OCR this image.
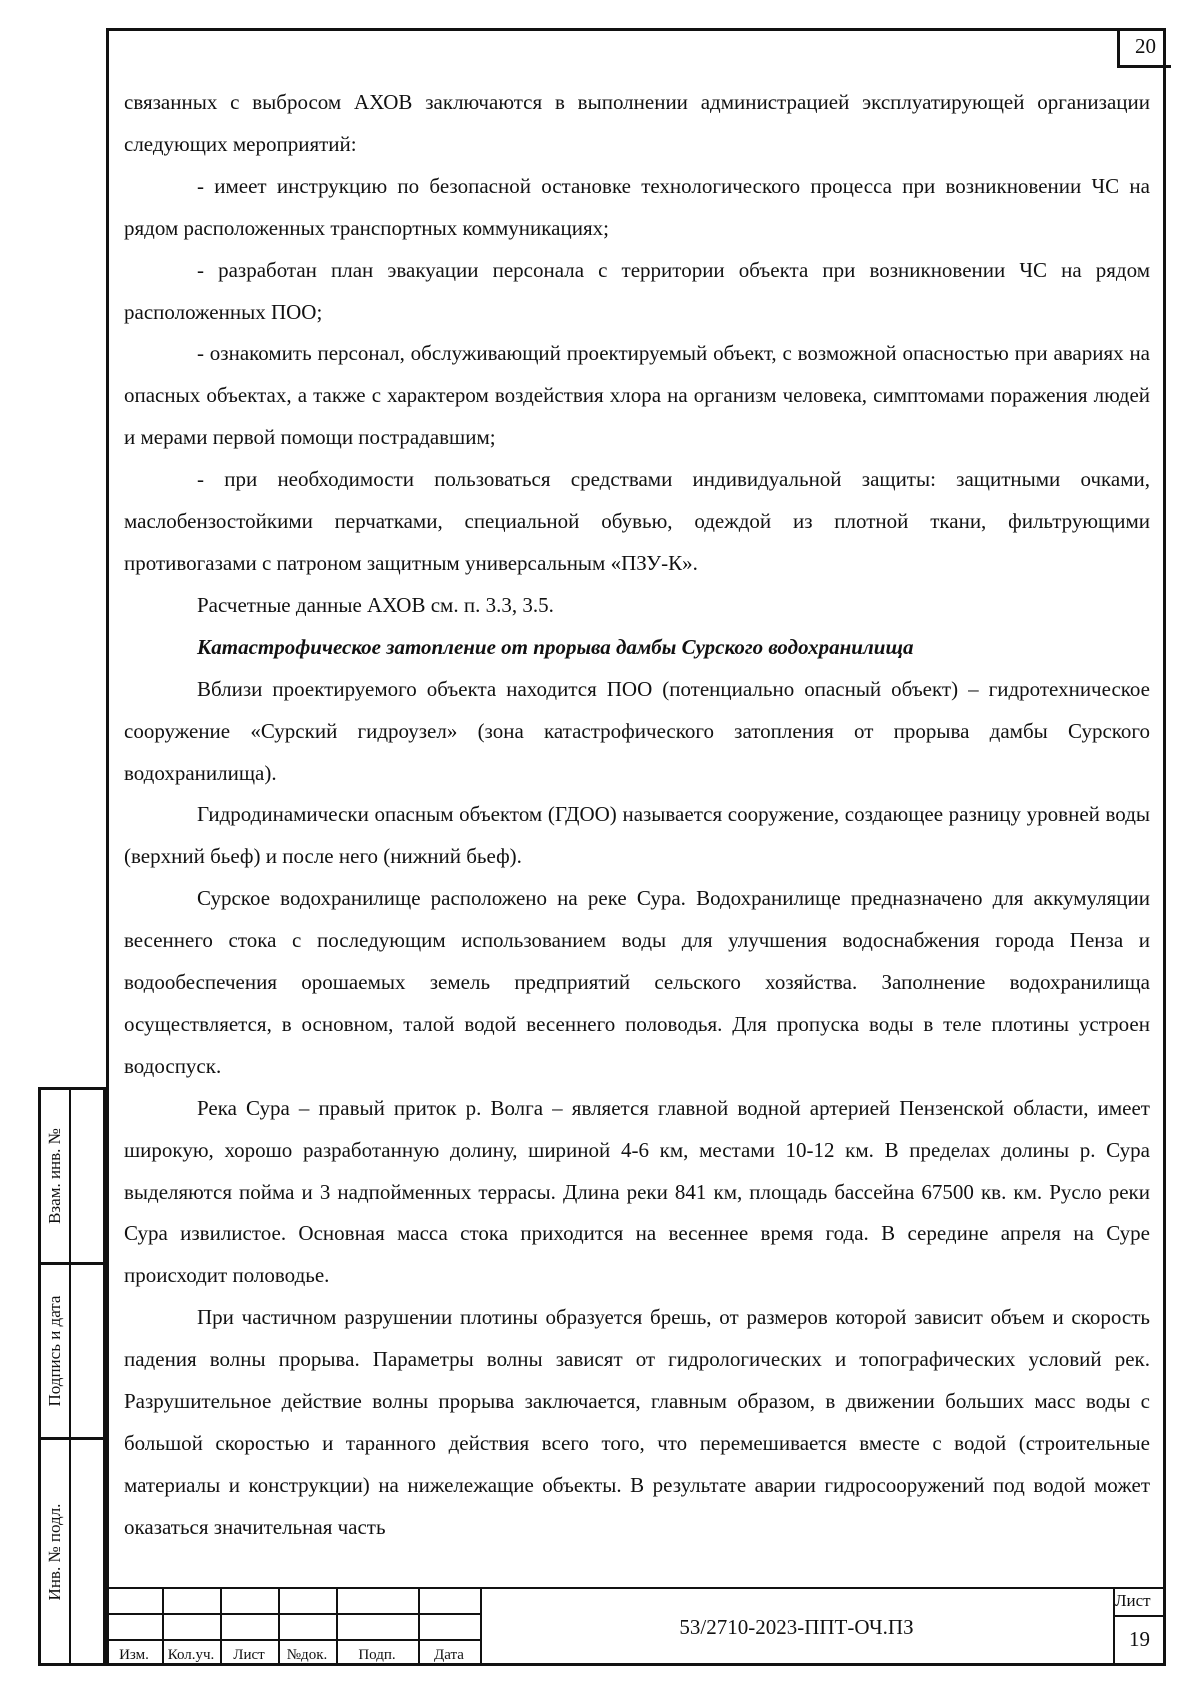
20

связанных с выбросом АХОВ заключаются в выполнении администрацией эксплуатирующей организации следующих мероприятий:

- имеет инструкцию по безопасной остановке технологического процесса при возникновении ЧС на рядом расположенных транспортных коммуникациях;

- разработан план эвакуации персонала с территории объекта при возникновении ЧС на рядом расположенных ПОО;

- ознакомить персонал, обслуживающий проектируемый объект, с возможной опасностью при авариях на опасных объектах, а также с характером воздействия хлора на организм человека, симптомами поражения людей и мерами первой помощи пострадавшим;

- при необходимости пользоваться средствами индивидуальной защиты: защитными очками, маслобензостойкими перчатками, специальной обувью, одеждой из плотной ткани, фильтрующими противогазами с патроном защитным универсальным «ПЗУ-К».

Расчетные данные АХОВ см. п. 3.3, 3.5.

Катастрофическое затопление от прорыва дамбы Сурского водохранилища

Вблизи проектируемого объекта находится ПОО (потенциально опасный объект) – гидротехническое сооружение «Сурский гидроузел» (зона катастрофического затопления от прорыва дамбы Сурского водохранилища).

Гидродинамически опасным объектом (ГДОО) называется сооружение, создающее разницу уровней воды (верхний бьеф) и после него (нижний бьеф).

Сурское водохранилище расположено на реке Сура. Водохранилище предназначено для аккумуляции весеннего стока с последующим использованием воды для улучшения водоснабжения города Пенза и водообеспечения орошаемых земель предприятий сельского хозяйства. Заполнение водохранилища осуществляется, в основном, талой водой весеннего половодья. Для пропуска воды в теле плотины устроен водоспуск.

Река Сура – правый приток р. Волга – является главной водной артерией Пензенской области, имеет широкую, хорошо разработанную долину, шириной 4-6 км, местами 10-12 км. В пределах долины р. Сура выделяются пойма и 3 надпойменных террасы. Длина реки 841 км, площадь бассейна 67500 кв. км. Русло реки Сура извилистое. Основная масса стока приходится на весеннее время года. В середине апреля на Суре происходит половодье.

При частичном разрушении плотины образуется брешь, от размеров которой зависит объем и скорость падения волны прорыва. Параметры волны зависят от гидрологических и топографических условий рек. Разрушительное действие волны прорыва заключается, главным образом, в движении больших масс воды с большой скоростью и таранного действия всего того, что перемешивается вместе с водой (строительные материалы и конструкции) на нижележащие объекты. В результате аварии гидросооружений под водой может оказаться значительная часть

Взам. инв. №
Подпись и дата
Инв. № подл.
Изм.	Кол.уч.	Лист	№док.	Подп.	Дата
53/2710-2023-ППТ-ОЧ.ПЗ
Лист
19
